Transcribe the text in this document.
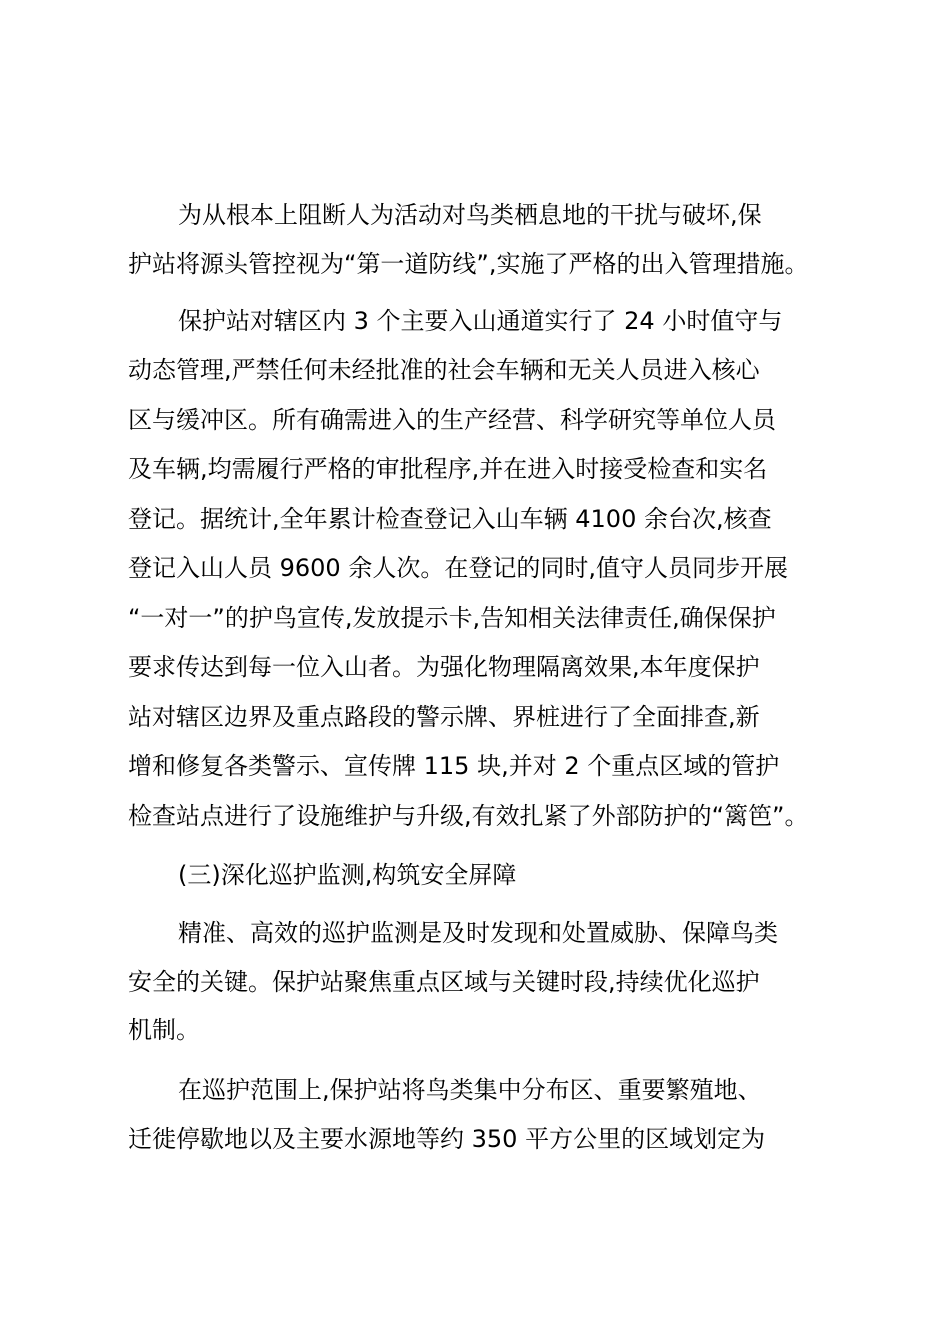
为从根本上阻断人为活动对鸟类栖息地的干扰与破坏,保
护站将源头管控视为“第一道防线”,实施了严格的出入管理措施。
保护站对辖区内 3 个主要入山通道实行了 24 小时值守与
动态管理,严禁任何未经批准的社会车辆和无关人员进入核心
区与缓冲区。所有确需进入的生产经营、科学研究等单位人员
及车辆,均需履行严格的审批程序,并在进入时接受检查和实名
登记。据统计,全年累计检查登记入山车辆 4100 余台次,核查
登记入山人员 9600 余人次。在登记的同时,值守人员同步开展
“一对一”的护鸟宣传,发放提示卡,告知相关法律责任,确保保护
要求传达到每一位入山者。为强化物理隔离效果,本年度保护
站对辖区边界及重点路段的警示牌、界桩进行了全面排查,新
增和修复各类警示、宣传牌 115 块,并对 2 个重点区域的管护
检查站点进行了设施维护与升级,有效扎紧了外部防护的“篱笆”。
(三)深化巡护监测,构筑安全屏障
精准、高效的巡护监测是及时发现和处置威胁、保障鸟类
安全的关键。保护站聚焦重点区域与关键时段,持续优化巡护
机制。
在巡护范围上,保护站将鸟类集中分布区、重要繁殖地、
迁徙停歇地以及主要水源地等约 350 平方公里的区域划定为
